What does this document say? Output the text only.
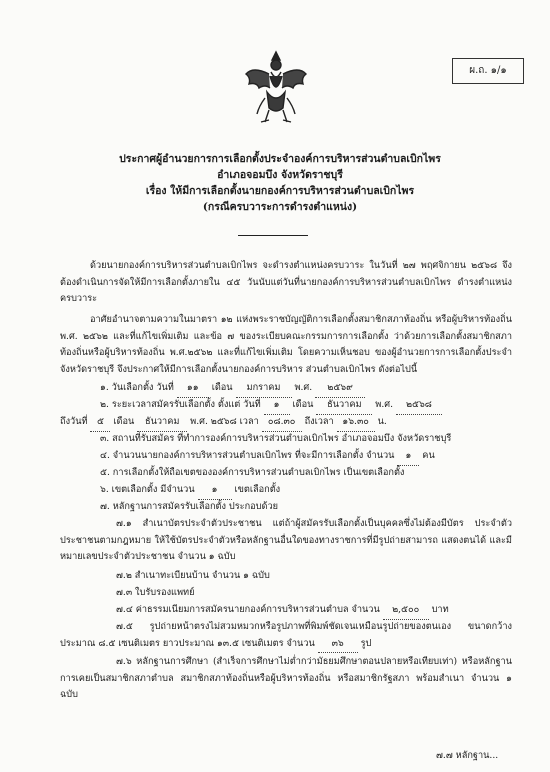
ผ.ถ. ๑/๑
ประกาศผู้อำนวยการการเลือกตั้งประจำองค์การบริหารส่วนตำบลเบิกไพร
อำเภอจอมบึง จังหวัดราชบุรี
เรื่อง ให้มีการเลือกตั้งนายกองค์การบริหารส่วนตำบลเบิกไพร
(กรณีครบวาระการดำรงตำแหน่ง)
ด้วยนายกองค์การบริหารส่วนตำบลเบิกไพร จะดำรงตำแหน่งครบวาระ ในวันที่ ๒๗ พฤศจิกายน ๒๕๖๘ จึงต้องดำเนินการจัดให้มีการเลือกตั้งภายใน ๔๕ วันนับแต่วันที่นายกองค์การบริหารส่วนตำบลเบิกไพร ดำรงตำแหน่งครบวาระ
อาศัยอำนาจตามความในมาตรา ๑๒ แห่งพระราชบัญญัติการเลือกตั้งสมาชิกสภาท้องถิ่น หรือผู้บริหารท้องถิ่น พ.ศ. ๒๕๖๒ และที่แก้ไขเพิ่มเติม และข้อ ๗ ของระเบียบคณะกรรมการการเลือกตั้ง ว่าด้วยการเลือกตั้งสมาชิกสภาท้องถิ่นหรือผู้บริหารท้องถิ่น พ.ศ.๒๕๖๒ และที่แก้ไขเพิ่มเติม โดยความเห็นชอบ ของผู้อำนวยการการเลือกตั้งประจำจังหวัดราชบุรี จึงประกาศให้มีการเลือกตั้งนายกองค์การบริหาร ส่วนตำบลเบิกไพร ดังต่อไปนี้
๑. วันเลือกตั้ง วันที่ ๑๑ เดือน มกราคม พ.ศ. ๒๕๖๙
๒. ระยะเวลาสมัครรับเลือกตั้ง ตั้งแต่ วันที่ ๑ เดือน ธันวาคม พ.ศ. ๒๕๖๘
ถึงวันที่ ๕ เดือน ธันวาคม พ.ศ. ๒๕๖๘ เวลา ๐๘.๓๐ ถึงเวลา ๑๖.๓๐ น.
๓. สถานที่รับสมัคร ที่ทำการองค์การบริหารส่วนตำบลเบิกไพร อำเภอจอมบึง จังหวัดราชบุรี
๔. จำนวนนายกองค์การบริหารส่วนตำบลเบิกไพร ที่จะมีการเลือกตั้ง จำนวน ๑ คน
๕. การเลือกตั้งให้ถือเขตขององค์การบริหารส่วนตำบลเบิกไพร เป็นเขตเลือกตั้ง
๖. เขตเลือกตั้ง มีจำนวน ๑ เขตเลือกตั้ง
๗. หลักฐานการสมัครรับเลือกตั้ง ประกอบด้วย
๗.๑ สำเนาบัตรประจำตัวประชาชน แต่ถ้าผู้สมัครรับเลือกตั้งเป็นบุคคลซึ่งไม่ต้องมีบัตร ประจำตัวประชาชนตามกฎหมาย ให้ใช้บัตรประจำตัวหรือหลักฐานอื่นใดของทางราชการที่มีรูปถ่ายสามารถ แสดงตนได้ และมีหมายเลขประจำตัวประชาชน จำนวน ๑ ฉบับ
๗.๒ สำเนาทะเบียนบ้าน จำนวน ๑ ฉบับ
๗.๓ ใบรับรองแพทย์
๗.๔ ค่าธรรมเนียมการสมัครนายกองค์การบริหารส่วนตำบล จำนวน ๒,๕๐๐ บาท
๗.๕ รูปถ่ายหน้าตรงไม่สวมหมวกหรือรูปภาพที่พิมพ์ชัดเจนเหมือนรูปถ่ายของตนเอง ขนาดกว้างประมาณ ๘.๕ เซนติเมตร ยาวประมาณ ๑๓.๕ เซนติเมตร จำนวน ๓๖ รูป
๗.๖ หลักฐานการศึกษา (สำเร็จการศึกษาไม่ต่ำกว่ามัธยมศึกษาตอนปลายหรือเทียบเท่า) หรือหลักฐานการเคยเป็นสมาชิกสภาตำบล สมาชิกสภาท้องถิ่นหรือผู้บริหารท้องถิ่น หรือสมาชิกรัฐสภา พร้อมสำเนา จำนวน ๑ ฉบับ
๗.๗ หลักฐาน...
